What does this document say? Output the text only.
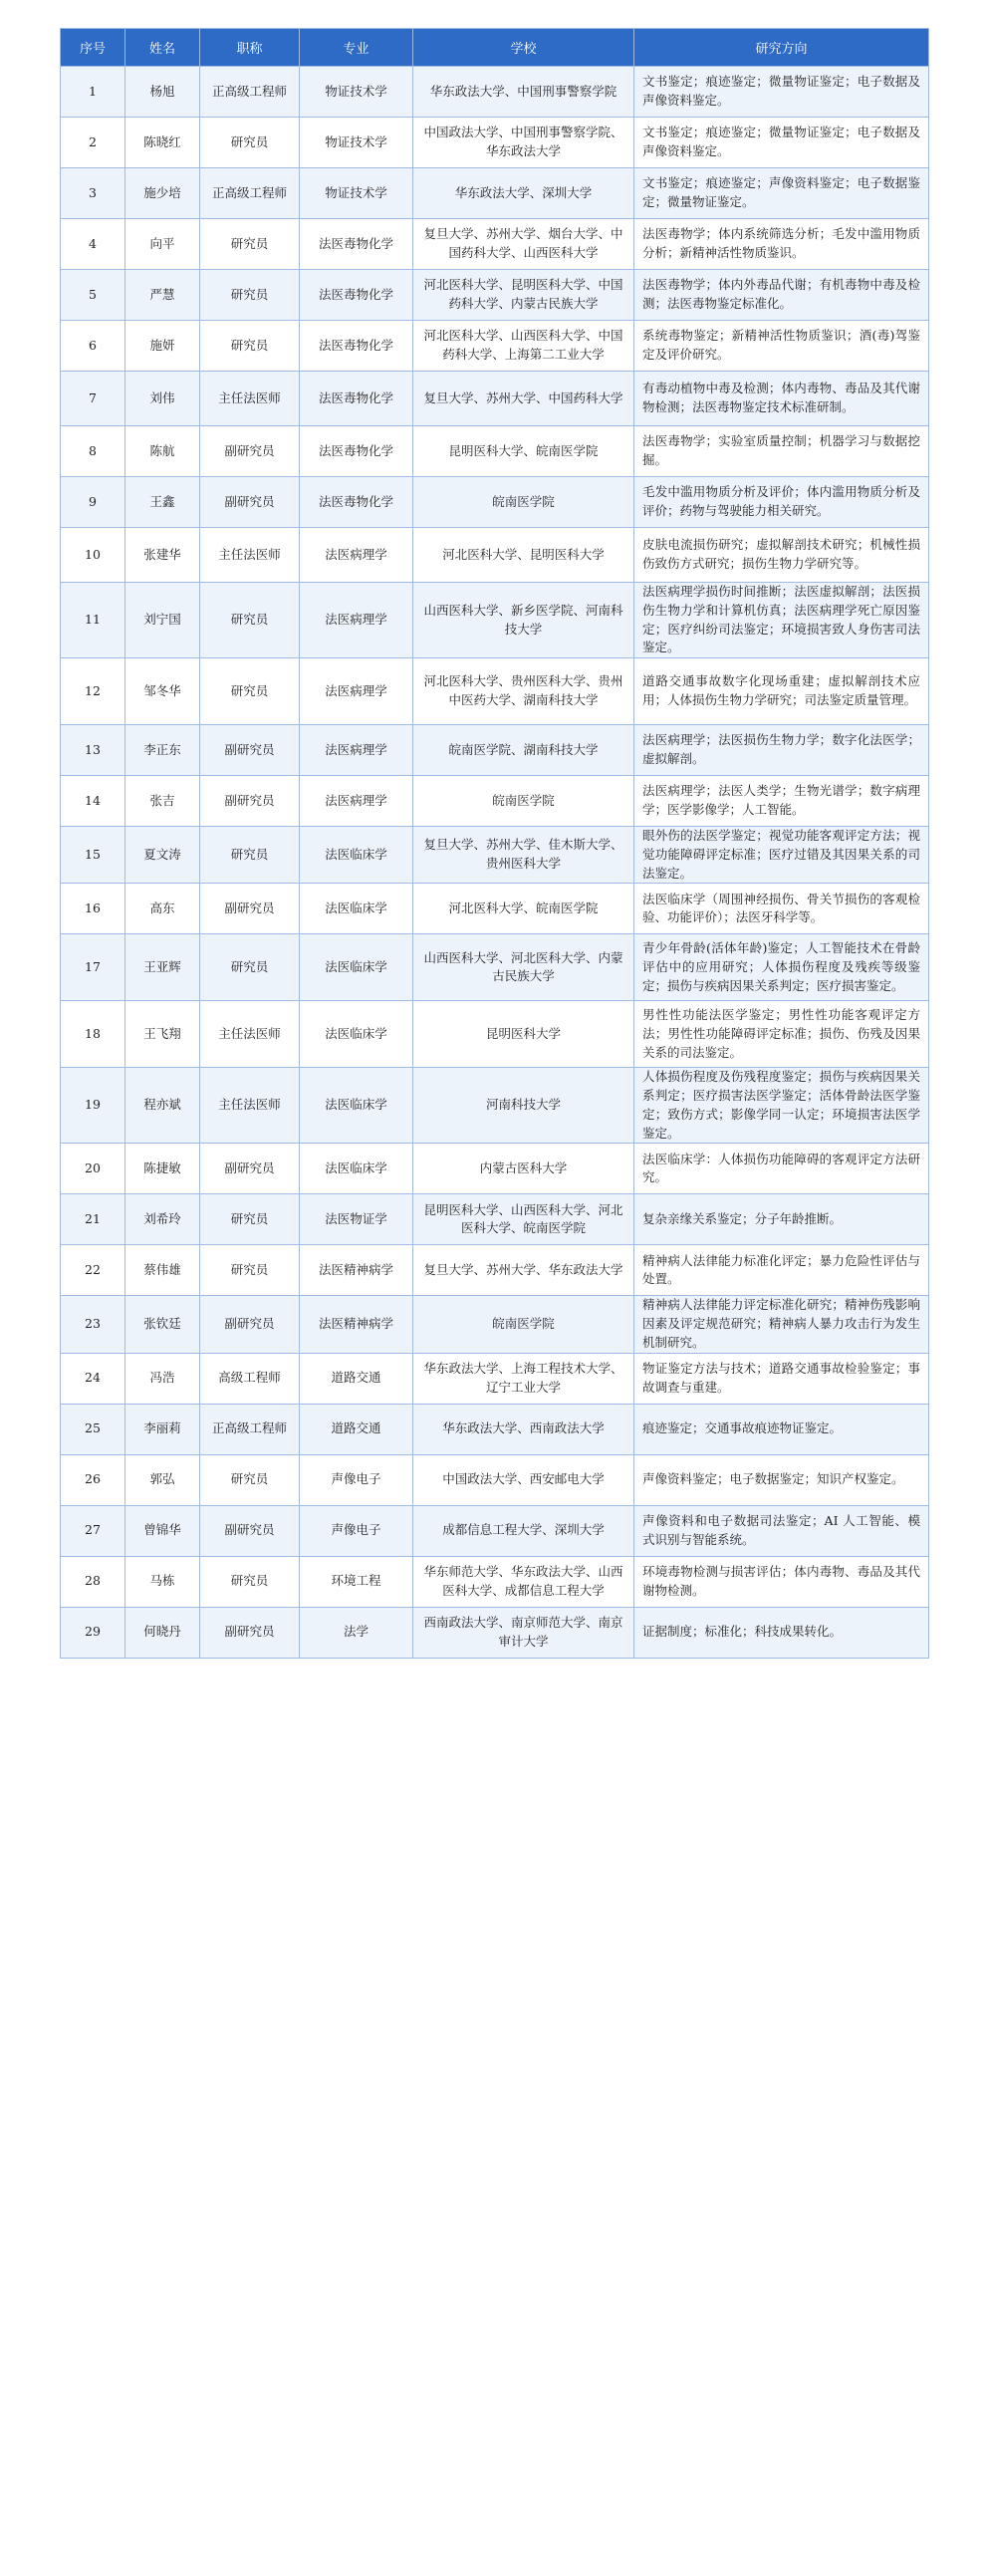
序号	姓名	职称	专业	学校	研究方向
1	杨旭	正高级工程师	物证技术学	华东政法大学、中国刑事警察学院	文书鉴定；痕迹鉴定；微量物证鉴定；电子数据及声像资料鉴定。
2	陈晓红	研究员	物证技术学	中国政法大学、中国刑事警察学院、华东政法大学	文书鉴定；痕迹鉴定；微量物证鉴定；电子数据及声像资料鉴定。
3	施少培	正高级工程师	物证技术学	华东政法大学、深圳大学	文书鉴定；痕迹鉴定；声像资料鉴定；电子数据鉴定；微量物证鉴定。
4	向平	研究员	法医毒物化学	复旦大学、苏州大学、烟台大学、中国药科大学、山西医科大学	法医毒物学；体内系统筛选分析；毛发中滥用物质分析；新精神活性物质鉴识。
5	严慧	研究员	法医毒物化学	河北医科大学、昆明医科大学、中国药科大学、内蒙古民族大学	法医毒物学；体内外毒品代谢；有机毒物中毒及检测；法医毒物鉴定标准化。
6	施妍	研究员	法医毒物化学	河北医科大学、山西医科大学、中国药科大学、上海第二工业大学	系统毒物鉴定；新精神活性物质鉴识；酒(毒)驾鉴定及评价研究。
7	刘伟	主任法医师	法医毒物化学	复旦大学、苏州大学、中国药科大学	有毒动植物中毒及检测；体内毒物、毒品及其代谢物检测；法医毒物鉴定技术标准研制。
8	陈航	副研究员	法医毒物化学	昆明医科大学、皖南医学院	法医毒物学；实验室质量控制；机器学习与数据挖掘。
9	王鑫	副研究员	法医毒物化学	皖南医学院	毛发中滥用物质分析及评价；体内滥用物质分析及评价；药物与驾驶能力相关研究。
10	张建华	主任法医师	法医病理学	河北医科大学、昆明医科大学	皮肤电流损伤研究；虚拟解剖技术研究；机械性损伤致伤方式研究；损伤生物力学研究等。
11	刘宁国	研究员	法医病理学	山西医科大学、新乡医学院、河南科技大学	法医病理学损伤时间推断；法医虚拟解剖；法医损伤生物力学和计算机仿真；法医病理学死亡原因鉴定；医疗纠纷司法鉴定；环境损害致人身伤害司法鉴定。
12	邹冬华	研究员	法医病理学	河北医科大学、贵州医科大学、贵州中医药大学、湖南科技大学	道路交通事故数字化现场重建；虚拟解剖技术应用；人体损伤生物力学研究；司法鉴定质量管理。
13	李正东	副研究员	法医病理学	皖南医学院、湖南科技大学	法医病理学；法医损伤生物力学；数字化法医学；虚拟解剖。
14	张吉	副研究员	法医病理学	皖南医学院	法医病理学；法医人类学；生物光谱学；数字病理学；医学影像学；人工智能。
15	夏文涛	研究员	法医临床学	复旦大学、苏州大学、佳木斯大学、贵州医科大学	眼外伤的法医学鉴定；视觉功能客观评定方法；视觉功能障碍评定标准；医疗过错及其因果关系的司法鉴定。
16	高东	副研究员	法医临床学	河北医科大学、皖南医学院	法医临床学（周围神经损伤、骨关节损伤的客观检验、功能评价）；法医牙科学等。
17	王亚辉	研究员	法医临床学	山西医科大学、河北医科大学、内蒙古民族大学	青少年骨龄(活体年龄)鉴定；人工智能技术在骨龄评估中的应用研究；人体损伤程度及残疾等级鉴定；损伤与疾病因果关系判定；医疗损害鉴定。
18	王飞翔	主任法医师	法医临床学	昆明医科大学	男性性功能法医学鉴定；男性性功能客观评定方法；男性性功能障碍评定标准；损伤、伤残及因果关系的司法鉴定。
19	程亦斌	主任法医师	法医临床学	河南科技大学	人体损伤程度及伤残程度鉴定；损伤与疾病因果关系判定；医疗损害法医学鉴定；活体骨龄法医学鉴定；致伤方式；影像学同一认定；环境损害法医学鉴定。
20	陈捷敏	副研究员	法医临床学	内蒙古医科大学	法医临床学：人体损伤功能障碍的客观评定方法研究。
21	刘希玲	研究员	法医物证学	昆明医科大学、山西医科大学、河北医科大学、皖南医学院	复杂亲缘关系鉴定；分子年龄推断。
22	蔡伟雄	研究员	法医精神病学	复旦大学、苏州大学、华东政法大学	精神病人法律能力标准化评定；暴力危险性评估与处置。
23	张钦廷	副研究员	法医精神病学	皖南医学院	精神病人法律能力评定标准化研究；精神伤残影响因素及评定规范研究；精神病人暴力攻击行为发生机制研究。
24	冯浩	高级工程师	道路交通	华东政法大学、上海工程技术大学、辽宁工业大学	物证鉴定方法与技术；道路交通事故检验鉴定；事故调查与重建。
25	李丽莉	正高级工程师	道路交通	华东政法大学、西南政法大学	痕迹鉴定；交通事故痕迹物证鉴定。
26	郭弘	研究员	声像电子	中国政法大学、西安邮电大学	声像资料鉴定；电子数据鉴定；知识产权鉴定。
27	曾锦华	副研究员	声像电子	成都信息工程大学、深圳大学	声像资料和电子数据司法鉴定；AI 人工智能、模式识别与智能系统。
28	马栋	研究员	环境工程	华东师范大学、华东政法大学、山西医科大学、成都信息工程大学	环境毒物检测与损害评估；体内毒物、毒品及其代谢物检测。
29	何晓丹	副研究员	法学	西南政法大学、南京师范大学、南京审计大学	证据制度；标准化；科技成果转化。
